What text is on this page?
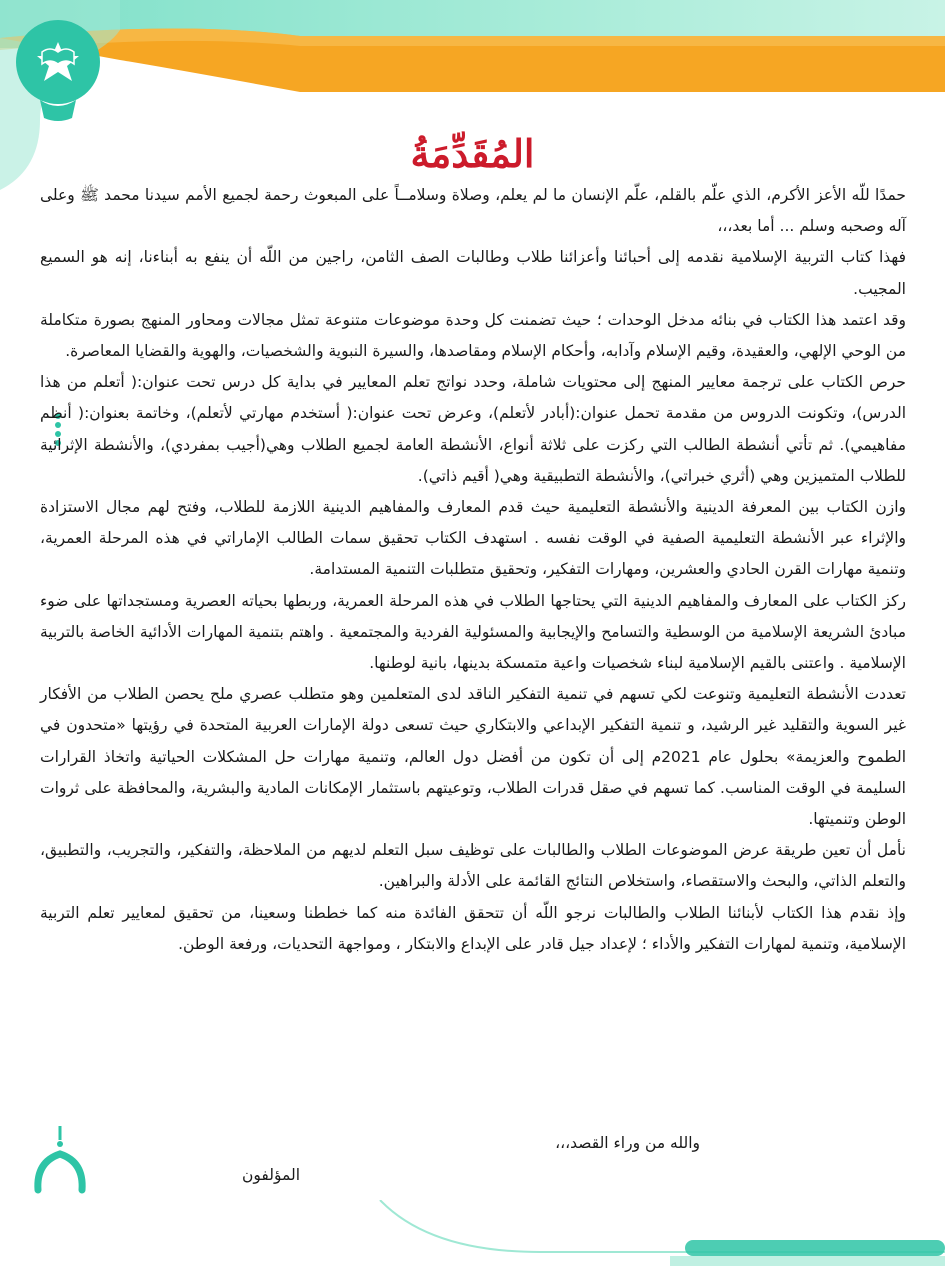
المُقَدِّمَةُ

حمدًا للّه الأعز الأكرم، الذي علّم بالقلم، علّم الإنسان ما لم يعلم، وصلاة وسلامــاً على المبعوث رحمة لجميع الأمم سيدنا محمد ﷺ وعلى آله وصحبه وسلم ... أما بعد،،،

فهذا كتاب التربية الإسلامية نقدمه إلى أحبائنا وأعزائنا طلاب وطالبات الصف الثامن، راجين من اللّه أن ينفع به أبناءنا، إنه هو السميع المجيب.

وقد اعتمد هذا الكتاب في بنائه مدخل الوحدات ؛ حيث تضمنت كل وحدة موضوعات متنوعة تمثل مجالات ومحاور المنهج بصورة متكاملة من الوحي الإلهي، والعقيدة، وقيم الإسلام وآدابه، وأحكام الإسلام ومقاصدها، والسيرة النبوية والشخصيات، والهوية والقضايا المعاصرة.

حرص الكتاب على ترجمة معايير المنهج إلى محتويات شاملة، وحدد نواتج تعلم المعايير في بداية كل درس تحت عنوان:( أتعلم من هذا الدرس)، وتكونت الدروس من مقدمة تحمل عنوان:(أبادر لأتعلم)، وعرض تحت عنوان:( أستخدم مهارتي لأتعلم)، وخاتمة بعنوان:( أنظم مفاهيمي). ثم تأتي أنشطة الطالب التي ركزت على ثلاثة أنواع، الأنشطة العامة لجميع الطلاب وهي(أجيب بمفردي)، والأنشطة الإثرائية للطلاب المتميزين وهي (أثري خبراتي)، والأنشطة التطبيقية وهي( أقيم ذاتي).

وازن الكتاب بين المعرفة الدينية والأنشطة التعليمية حيث قدم المعارف والمفاهيم الدينية اللازمة للطلاب، وفتح لهم مجال الاستزادة والإثراء عبر الأنشطة التعليمية الصفية في الوقت نفسه . استهدف الكتاب تحقيق سمات الطالب الإماراتي في هذه المرحلة العمرية، وتنمية مهارات القرن الحادي والعشرين، ومهارات التفكير، وتحقيق متطلبات التنمية المستدامة.

ركز الكتاب على المعارف والمفاهيم الدينية التي يحتاجها الطلاب في هذه المرحلة العمرية، وربطها بحياته العصرية ومستجداتها على ضوء مبادئ الشريعة الإسلامية من الوسطية والتسامح والإيجابية والمسئولية الفردية والمجتمعية . واهتم بتنمية المهارات الأدائية الخاصة بالتربية الإسلامية . واعتنى بالقيم الإسلامية لبناء شخصيات واعية متمسكة بدينها، بانية لوطنها.

تعددت الأنشطة التعليمية وتنوعت لكي تسهم في تنمية التفكير الناقد لدى المتعلمين وهو متطلب عصري ملح يحصن الطلاب من الأفكار غير السوية والتقليد غير الرشيد، و تنمية التفكير الإبداعي والابتكاري حيث تسعى دولة الإمارات العربية المتحدة في رؤيتها «متحدون في الطموح والعزيمة» بحلول عام 2021م إلى أن تكون من أفضل دول العالم، وتنمية مهارات حل المشكلات الحياتية واتخاذ القرارات السليمة في الوقت المناسب. كما تسهم في صقل قدرات الطلاب، وتوعيتهم باستثمار الإمكانات المادية والبشرية، والمحافظة على ثروات الوطن وتنميتها.

نأمل أن تعين طريقة عرض الموضوعات الطلاب والطالبات على توظيف سبل التعلم لديهم من الملاحظة، والتفكير، والتجريب، والتطبيق، والتعلم الذاتي، والبحث والاستقصاء، واستخلاص النتائج القائمة على الأدلة والبراهين.

وإذ نقدم هذا الكتاب لأبنائنا الطلاب والطالبات نرجو اللّه أن تتحقق الفائدة منه كما خططنا وسعينا، من تحقيق لمعايير تعلم التربية الإسلامية، وتنمية لمهارات التفكير والأداء ؛ لإعداد جيل قادر على الإبداع والابتكار ، ومواجهة التحديات، ورفعة الوطن.

والله من وراء القصد،،،
المؤلفون
